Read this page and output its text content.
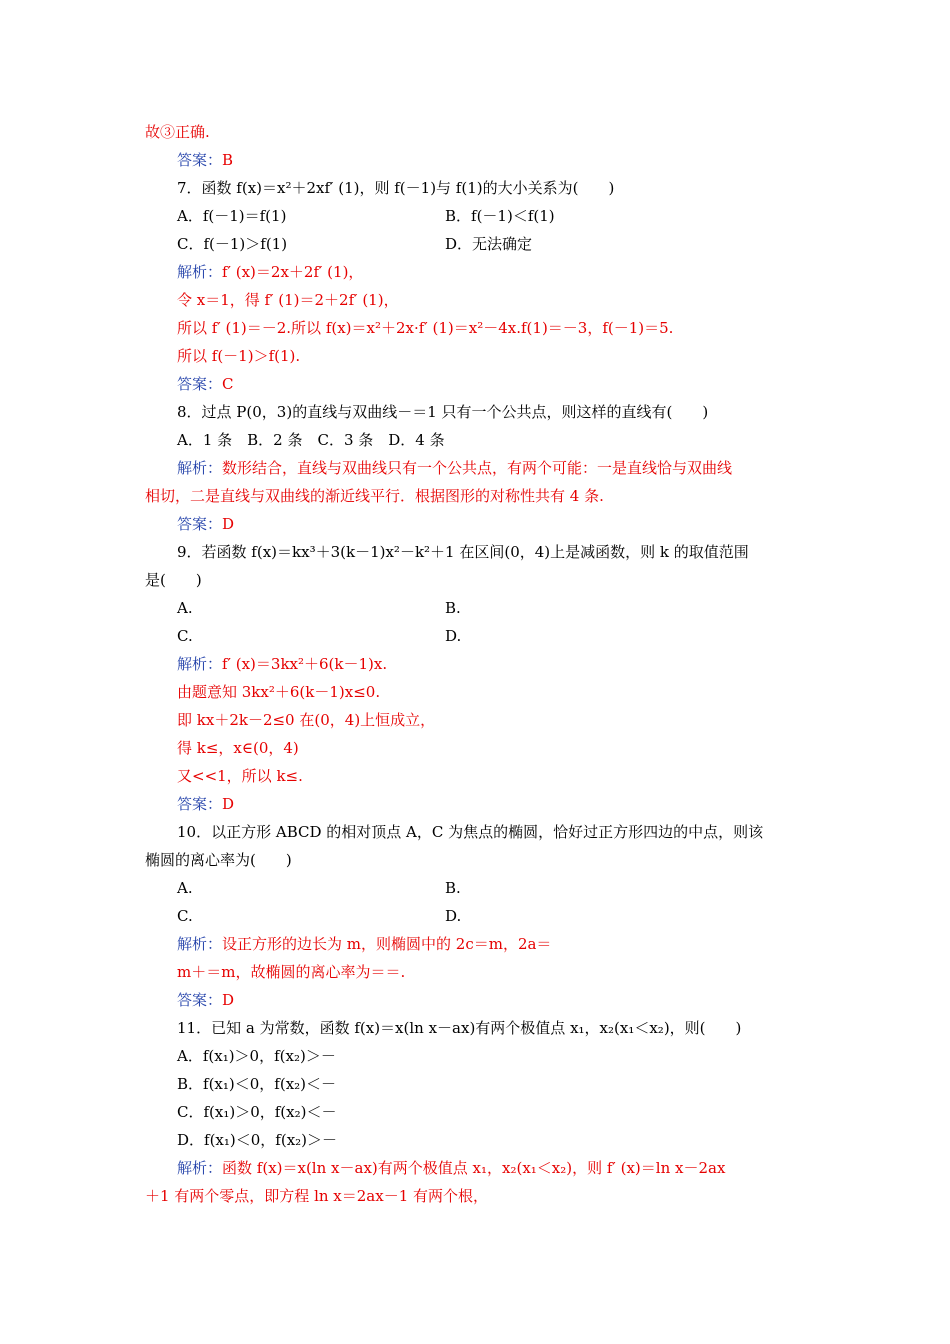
故③正确.
答案：B
7．函数 f(x)＝x²＋2xf′ (1)，则 f(－1)与 f(1)的大小关系为(　　)
A．f(－1)＝f(1)	B．f(－1)＜f(1)
C．f(－1)＞f(1)	D．无法确定
解析：f′ (x)＝2x＋2f′ (1)，
令 x＝1，得 f′ (1)＝2＋2f′ (1)，
所以 f′ (1)＝－2.所以 f(x)＝x²＋2x·f′ (1)＝x²－4x.f(1)＝－3，f(－1)＝5.
所以 f(－1)＞f(1).
答案：C
8．过点 P(0，3)的直线与双曲线－＝1 只有一个公共点，则这样的直线有(　　)
A．1 条　B．2 条　C．3 条　D．4 条
解析：数形结合，直线与双曲线只有一个公共点，有两个可能：一是直线恰与双曲线
相切，二是直线与双曲线的渐近线平行．根据图形的对称性共有 4 条.
答案：D
9．若函数 f(x)＝kx³＋3(k－1)x²－k²＋1 在区间(0，4)上是减函数，则 k 的取值范围
是(　　)
A.	B.
C.	D.
解析：f′ (x)＝3kx²＋6(k－1)x.
由题意知 3kx²＋6(k－1)x≤0.
即 kx＋2k－2≤0 在(0，4)上恒成立，
得 k≤，x∈(0，4)
又<<1，所以 k≤.
答案：D
10．以正方形 ABCD 的相对顶点 A，C 为焦点的椭圆，恰好过正方形四边的中点，则该
椭圆的离心率为(　　)
A.	B.
C.	D.
解析：设正方形的边长为 m，则椭圆中的 2c＝m，2a＝
m＋＝m，故椭圆的离心率为＝＝.
答案：D
11．已知 a 为常数，函数 f(x)＝x(ln x－ax)有两个极值点 x₁，x₂(x₁＜x₂)，则(　　)
A．f(x₁)＞0，f(x₂)＞－
B．f(x₁)＜0，f(x₂)＜－
C．f(x₁)＞0，f(x₂)＜－
D．f(x₁)＜0，f(x₂)＞－
解析：函数 f(x)＝x(ln x－ax)有两个极值点 x₁，x₂(x₁＜x₂)，则 f′ (x)＝ln x－2ax
＋1 有两个零点，即方程 ln x＝2ax－1 有两个根，
